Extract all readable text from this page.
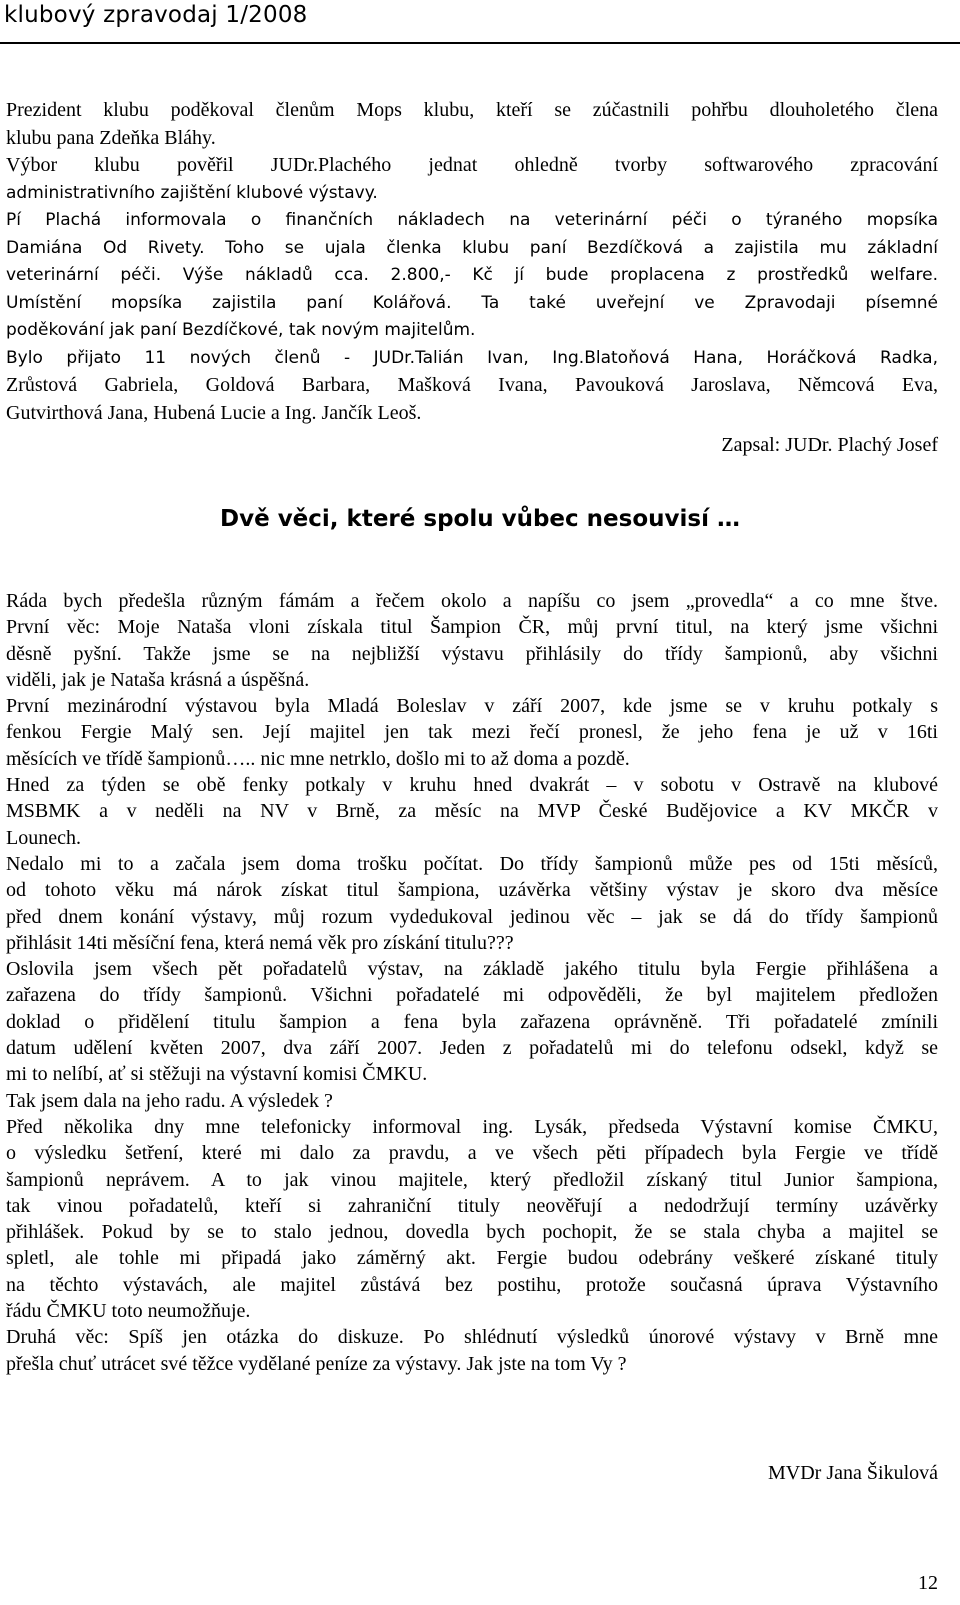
klubový zpravodaj 1/2008
Prezident klubu poděkoval členům Mops klubu, kteří se zúčastnili pohřbu dlouholetého člena
klubu pana Zdeňka Bláhy.
Výbor klubu pověřil JUDr.Plachého jednat ohledně tvorby softwarového zpracování
administrativního zajištění klubové výstavy.
Pí Plachá informovala o finančních nákladech na veterinární péči o týraného mopsíka
Damiána Od Rivety. Toho se ujala členka klubu paní Bezdíčková a zajistila mu základní
veterinární péči. Výše nákladů cca. 2.800,- Kč jí bude proplacena z prostředků welfare.
Umístění mopsíka zajistila paní Kolářová. Ta také uveřejní ve Zpravodaji písemné
poděkování jak paní Bezdíčkové, tak novým majitelům.
Bylo přijato 11 nových členů - JUDr.Talián Ivan, Ing.Blatoňová Hana, Horáčková Radka,
Zrůstová Gabriela, Goldová Barbara, Mašková Ivana, Pavouková Jaroslava, Němcová Eva,
Gutvirthová Jana, Hubená Lucie a Ing. Jančík Leoš.
Zapsal: JUDr. Plachý Josef
Dvě věci, které spolu vůbec nesouvisí …
Ráda bych předešla různým fámám a řečem okolo a napíšu co jsem „provedla“ a co mne štve.
První věc: Moje Nataša vloni získala titul Šampion ČR, můj první titul, na který jsme všichni
děsně pyšní. Takže jsme se na nejbližší výstavu přihlásily do třídy šampionů, aby všichni
viděli, jak je Nataša krásná a úspěšná.
První mezinárodní výstavou byla Mladá Boleslav v září 2007, kde jsme se v kruhu potkaly s
fenkou Fergie Malý sen. Její majitel jen tak mezi řečí pronesl, že jeho fena je už v 16ti
měsících ve třídě šampionů….. nic mne netrklo, došlo mi to až doma a pozdě.
Hned za týden se obě fenky potkaly v kruhu hned dvakrát – v sobotu v Ostravě na klubové
MSBMK a v neděli na NV v Brně, za měsíc na MVP České Budějovice a KV MKČR v
Lounech.
Nedalo mi to a začala jsem doma trošku počítat. Do třídy šampionů může pes od 15ti měsíců,
od tohoto věku má nárok získat titul šampiona, uzávěrka většiny výstav je skoro dva měsíce
před dnem konání výstavy, můj rozum vydedukoval jedinou věc – jak se dá do třídy šampionů
přihlásit 14ti měsíční fena, která nemá věk pro získání titulu???
Oslovila jsem všech pět pořadatelů výstav, na základě jakého titulu byla Fergie přihlášena a
zařazena do třídy šampionů. Všichni pořadatelé mi odpověděli, že byl majitelem předložen
doklad o přidělení titulu šampion a fena byla zařazena oprávněně. Tři pořadatelé zmínili
datum udělení květen 2007, dva září 2007. Jeden z pořadatelů mi do telefonu odsekl, když se
mi to nelíbí, ať si stěžuji na výstavní komisi ČMKU.
Tak jsem dala na jeho radu. A výsledek ?
Před několika dny mne telefonicky informoval ing. Lysák, předseda Výstavní komise ČMKU,
o výsledku šetření, které mi dalo za pravdu, a ve všech pěti případech byla Fergie ve třídě
šampionů neprávem. A to jak vinou majitele, který předložil získaný titul Junior šampiona,
tak vinou pořadatelů, kteří si zahraniční tituly neověřují a nedodržují termíny uzávěrky
přihlášek. Pokud by se to stalo jednou, dovedla bych pochopit, že se stala chyba a majitel se
spletl, ale tohle mi připadá jako záměrný akt. Fergie budou odebrány veškeré získané tituly
na těchto výstavách, ale majitel zůstává bez postihu, protože současná úprava Výstavního
řádu ČMKU toto neumožňuje.
Druhá věc: Spíš jen otázka do diskuze. Po shlédnutí výsledků únorové výstavy v Brně mne
přešla chuť utrácet své těžce vydělané peníze za výstavy. Jak jste na tom Vy ?
MVDr Jana Šikulová
12
